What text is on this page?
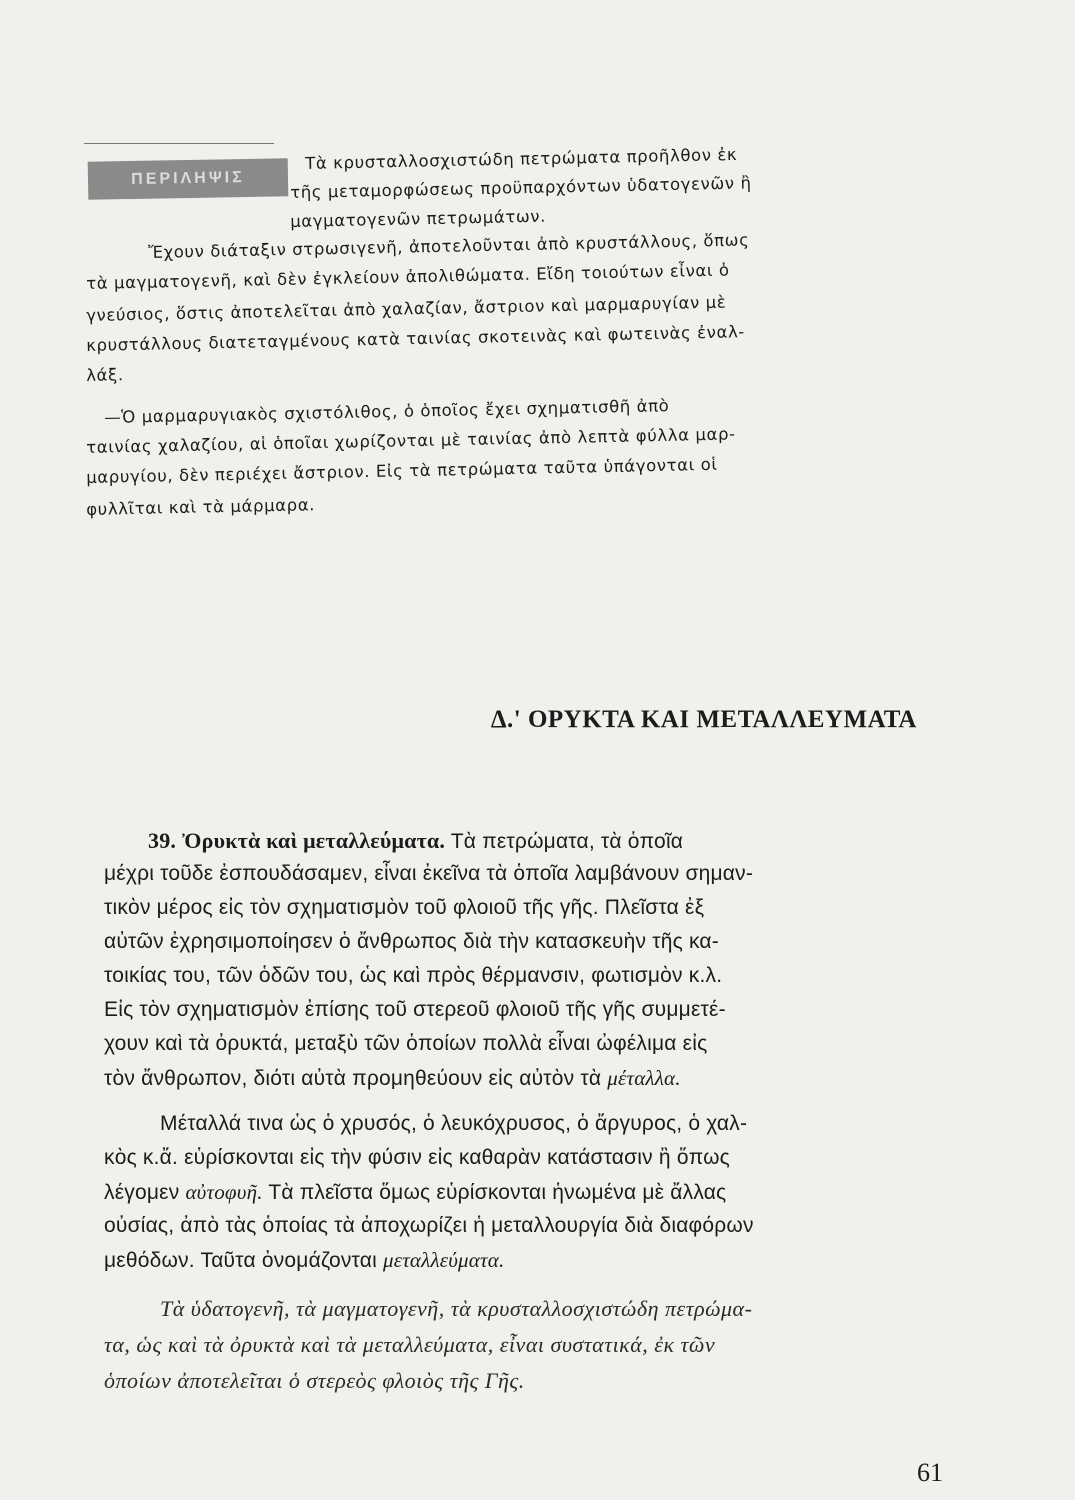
ΠΕΡΙΛΗΨΙΣ

Τὰ κρυσταλλοσχιστώδη πετρώματα προῆλθον ἐκ

τῆς μεταμορφώσεως προϋπαρχόντων ὑδατογενῶν ἢ

μαγματογενῶν πετρωμάτων.

Ἔχουν διάταξιν στρωσιγενῆ, ἀποτελοῦνται ἀπὸ κρυστάλλους, ὅπως

τὰ μαγματογενῆ, καὶ δὲν ἐγκλείουν ἀπολιθώματα. Εἴδη τοιούτων εἶναι ὁ

γνεύσιος, ὅστις ἀποτελεῖται ἀπὸ χαλαζίαν, ἄστριον καὶ μαρμαρυγίαν μὲ

κρυστάλλους διατεταγμένους κατὰ ταινίας σκοτεινὰς καὶ φωτεινὰς ἐναλ-

λάξ.

—Ὁ μαρμαρυγιακὸς σχιστόλιθος, ὁ ὁποῖος ἔχει σχηματισθῆ ἀπὸ

ταινίας χαλαζίου, αἱ ὁποῖαι χωρίζονται μὲ ταινίας ἀπὸ λεπτὰ φύλλα μαρ-

μαρυγίου, δὲν περιέχει ἄστριον. Εἰς τὰ πετρώματα ταῦτα ὑπάγονται οἱ

φυλλῖται καὶ τὰ μάρμαρα.

Δ.' ΟΡΥΚΤΑ ΚΑΙ ΜΕΤΑΛΛΕΥΜΑΤΑ

39. Ὀρυκτὰ καὶ μεταλλεύματα. Τὰ πετρώματα, τὰ ὁποῖα

μέχρι τοῦδε ἐσπουδάσαμεν, εἶναι ἐκεῖνα τὰ ὁποῖα λαμβάνουν σημαν-

τικὸν μέρος εἰς τὸν σχηματισμὸν τοῦ φλοιοῦ τῆς γῆς. Πλεῖστα ἐξ

αὐτῶν ἐχρησιμοποίησεν ὁ ἄνθρωπος διὰ τὴν κατασκευὴν τῆς κα-

τοικίας του, τῶν ὁδῶν του, ὡς καὶ πρὸς θέρμανσιν, φωτισμὸν κ.λ.

Εἰς τὸν σχηματισμὸν ἐπίσης τοῦ στερεοῦ φλοιοῦ τῆς γῆς συμμετέ-

χουν καὶ τὰ ὀρυκτά, μεταξὺ τῶν ὁποίων πολλὰ εἶναι ὠφέλιμα εἰς

τὸν ἄνθρωπον, διότι αὐτὰ προμηθεύουν εἰς αὐτὸν τὰ μέταλλα.

Μέταλλά τινα ὡς ὁ χρυσός, ὁ λευκόχρυσος, ὁ ἄργυρος, ὁ χαλ-

κὸς κ.ἄ. εὑρίσκονται εἰς τὴν φύσιν εἰς καθαρὰν κατάστασιν ἢ ὅπως

λέγομεν αὐτοφυῆ. Τὰ πλεῖστα ὅμως εὑρίσκονται ἡνωμένα μὲ ἄλλας

οὐσίας, ἀπὸ τὰς ὁποίας τὰ ἀποχωρίζει ἡ μεταλλουργία διὰ διαφόρων

μεθόδων. Ταῦτα ὀνομάζονται μεταλλεύματα.

Τὰ ὑδατογενῆ, τὰ μαγματογενῆ, τὰ κρυσταλλοσχιστώδη πετρώμα-

τα, ὡς καὶ τὰ ὀρυκτὰ καὶ τὰ μεταλλεύματα, εἶναι συστατικά, ἐκ τῶν

ὁποίων ἀποτελεῖται ὁ στερεὸς φλοιὸς τῆς Γῆς.

61
